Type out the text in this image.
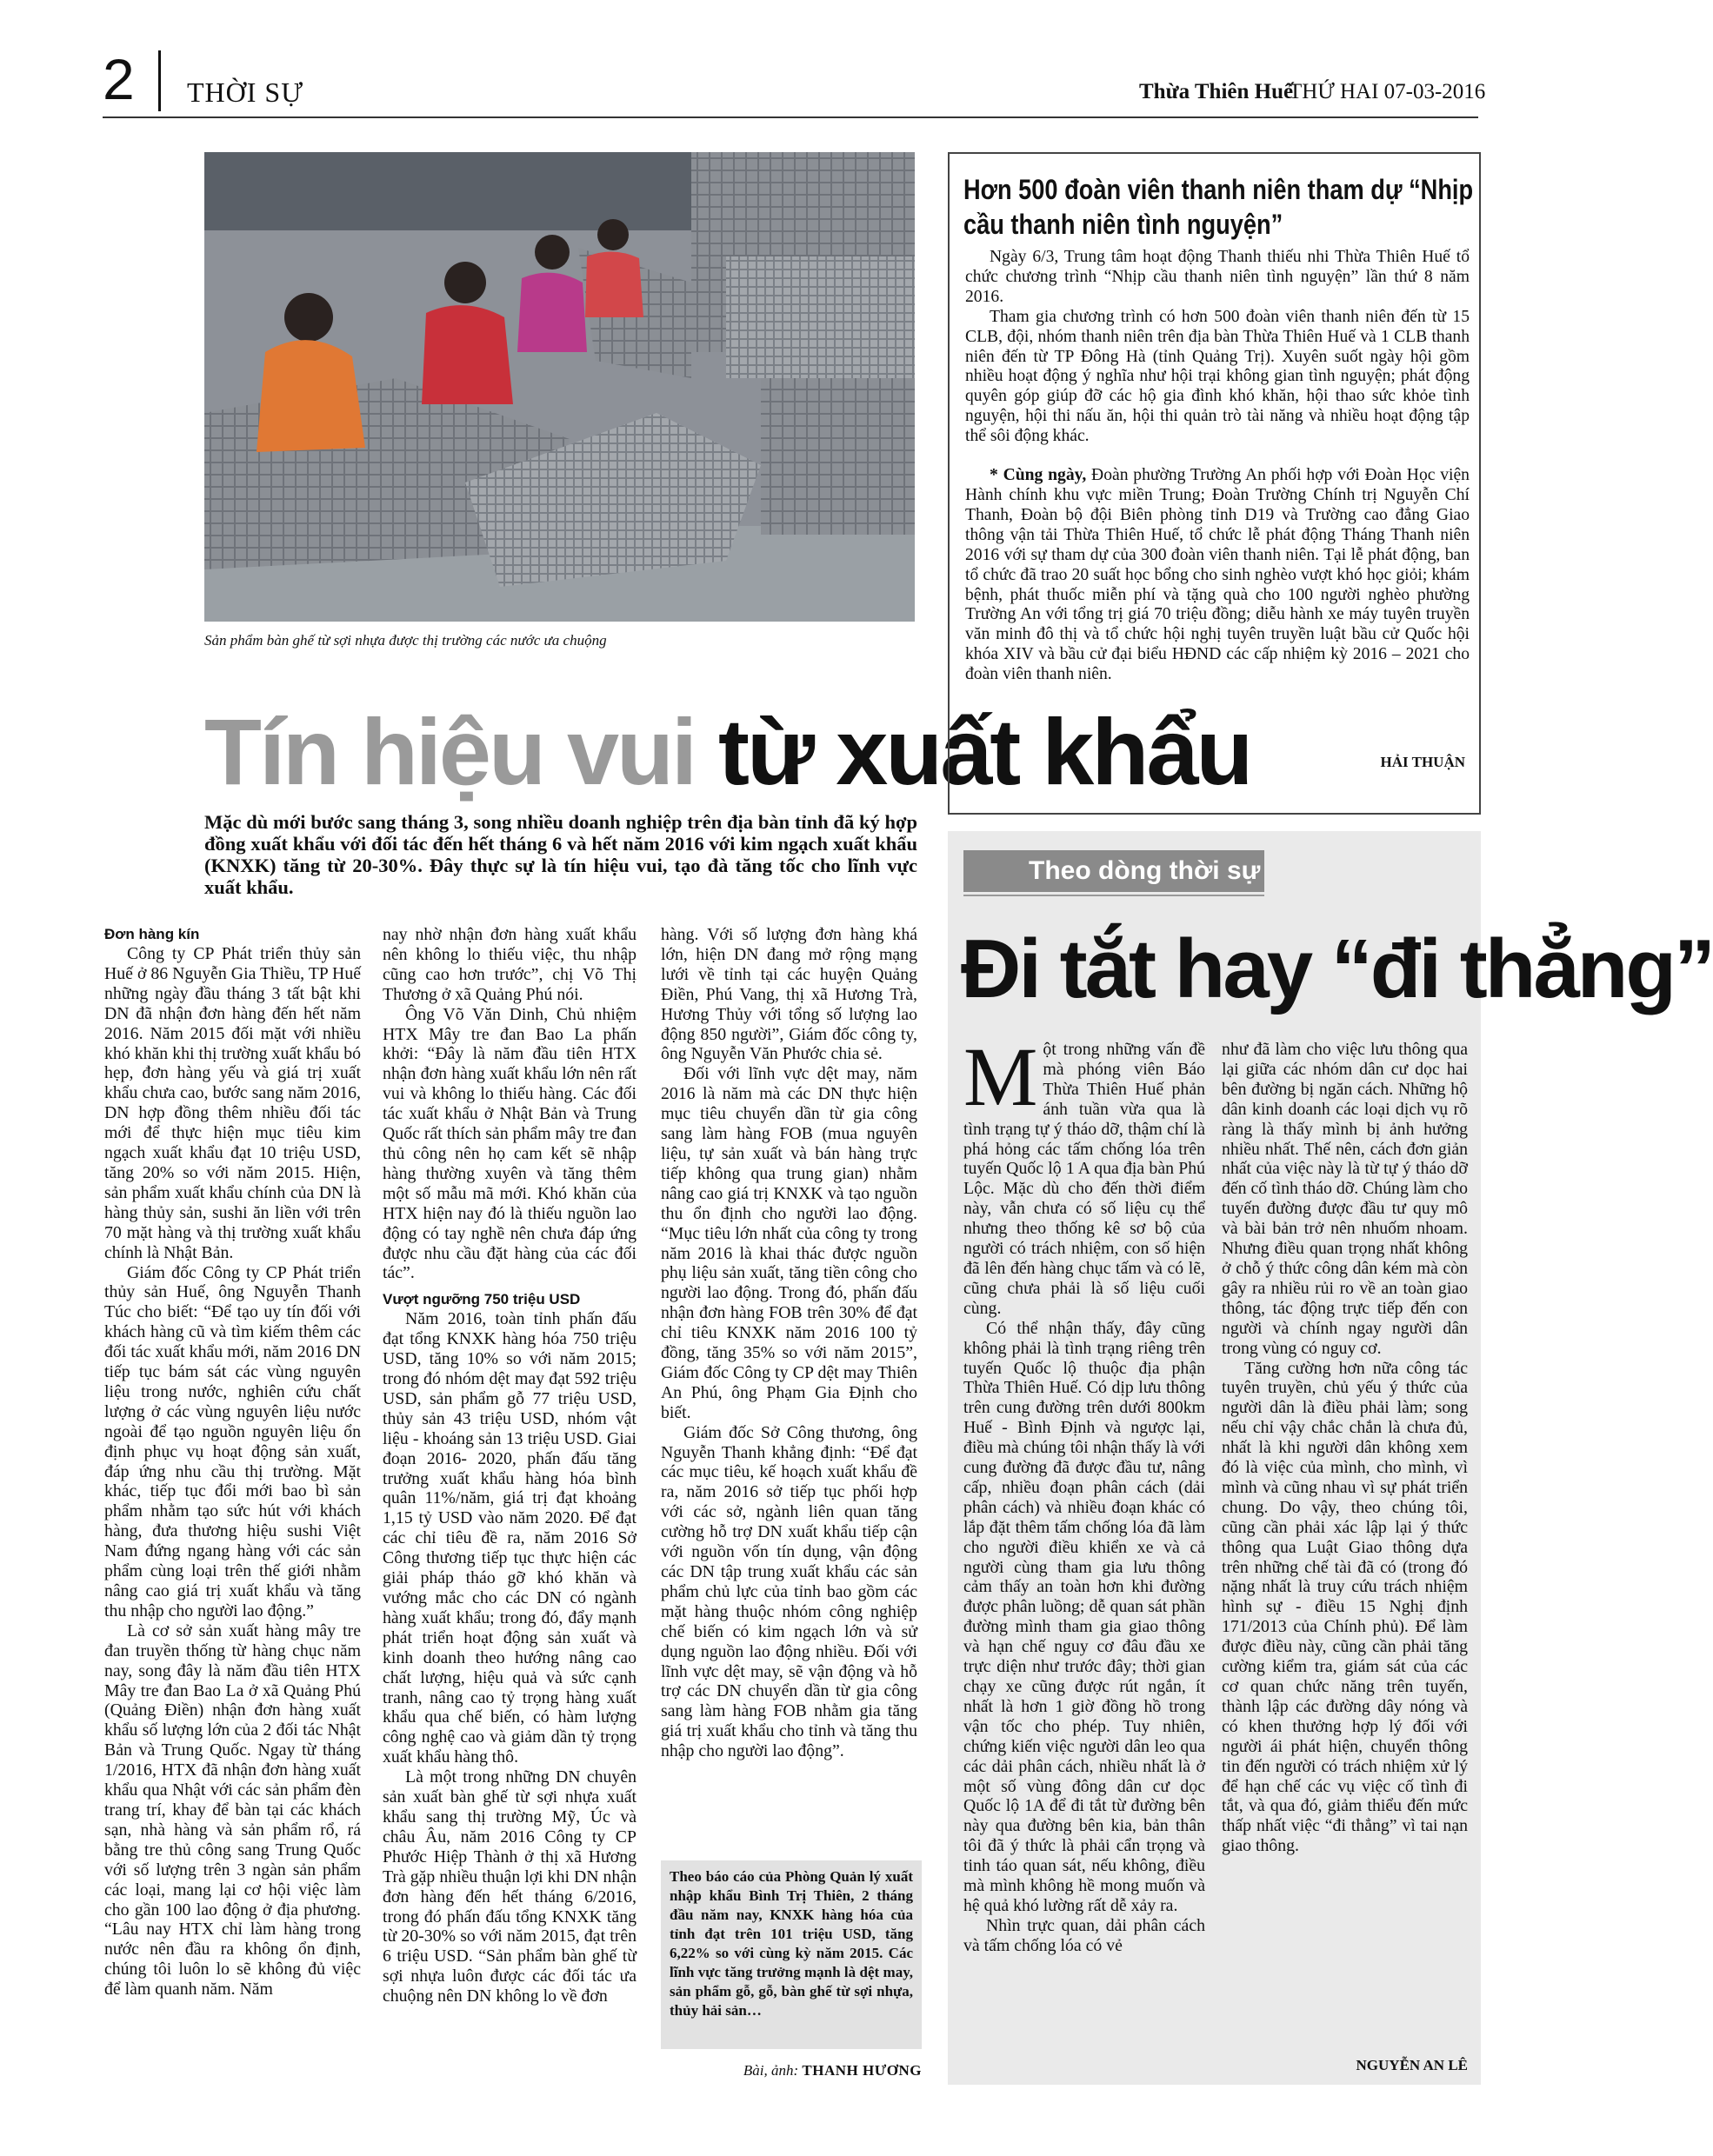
2 THỜI SỰ	Thừa Thiên Huế
THỨ HAI 07-03-2016
Sản phẩm bàn ghế từ sợi nhựa được thị trường các nước ưa chuộng
Tín hiệu vui từ xuất khẩu
Mặc dù mới bước sang tháng 3, song nhiều doanh nghiệp trên địa bàn tỉnh đã ký hợp đồng xuất khẩu với đối tác đến hết tháng 6 và hết năm 2016 với kim ngạch xuất khẩu (KNXK) tăng từ 20-30%. Đây thực sự là tín hiệu vui, tạo đà tăng tốc cho lĩnh vực xuất khẩu.

Đơn hàng kín

Công ty CP Phát triển thủy sản Huế ở 86 Nguyễn Gia Thiều, TP Huế những ngày đầu tháng 3 tất bật khi DN đã nhận đơn hàng đến hết năm 2016. Năm 2015 đối mặt với nhiều khó khăn khi thị trường xuất khẩu bó hẹp, đơn hàng yếu và giá trị xuất khẩu chưa cao, bước sang năm 2016, DN hợp đồng thêm nhiều đối tác mới để thực hiện mục tiêu kim ngạch xuất khẩu đạt 10 triệu USD, tăng 20% so với năm 2015. Hiện, sản phẩm xuất khẩu chính của DN là hàng thủy sản, sushi ăn liền với trên 70 mặt hàng và thị trường xuất khẩu chính là Nhật Bản.

Giám đốc Công ty CP Phát triển thủy sản Huế, ông Nguyễn Thanh Túc cho biết: “Để tạo uy tín đối với khách hàng cũ và tìm kiếm thêm các đối tác xuất khẩu mới, năm 2016 DN tiếp tục bám sát các vùng nguyên liệu trong nước, nghiên cứu chất lượng ở các vùng nguyên liệu nước ngoài để tạo nguồn nguyên liệu ổn định phục vụ hoạt động sản xuất, đáp ứng nhu cầu thị trường. Mặt khác, tiếp tục đổi mới bao bì sản phẩm nhằm tạo sức hút với khách hàng, đưa thương hiệu sushi Việt Nam đứng ngang hàng với các sản phẩm cùng loại trên thế giới nhằm nâng cao giá trị xuất khẩu và tăng thu nhập cho người lao động.”

Là cơ sở sản xuất hàng mây tre đan truyền thống từ hàng chục năm nay, song đây là năm đầu tiên HTX Mây tre đan Bao La ở xã Quảng Phú (Quảng Điền) nhận đơn hàng xuất khẩu số lượng lớn của 2 đối tác Nhật Bản và Trung Quốc. Ngay từ tháng 1/2016, HTX đã nhận đơn hàng xuất khẩu qua Nhật với các sản phẩm đèn trang trí, khay để bàn tại các khách sạn, nhà hàng và sản phẩm rổ, rá bằng tre thủ công sang Trung Quốc với số lượng trên 3 ngàn sản phẩm các loại, mang lại cơ hội việc làm cho gần 100 lao động ở địa phương. “Lâu nay HTX chỉ làm hàng trong nước nên đầu ra không ổn định, chúng tôi luôn lo sẽ không đủ việc để làm quanh năm. Năm

nay nhờ nhận đơn hàng xuất khẩu nên không lo thiếu việc, thu nhập cũng cao hơn trước”, chị Võ Thị Thương ở xã Quảng Phú nói.

Ông Võ Văn Dinh, Chủ nhiệm HTX Mây tre đan Bao La phấn khởi: “Đây là năm đầu tiên HTX nhận đơn hàng xuất khẩu lớn nên rất vui và không lo thiếu hàng. Các đối tác xuất khẩu ở Nhật Bản và Trung Quốc rất thích sản phẩm mây tre đan thủ công nên họ cam kết sẽ nhập hàng thường xuyên và tăng thêm một số mẫu mã mới. Khó khăn của HTX hiện nay đó là thiếu nguồn lao động có tay nghề nên chưa đáp ứng được nhu cầu đặt hàng của các đối tác”.

Vượt ngưỡng 750 triệu USD

Năm 2016, toàn tỉnh phấn đấu đạt tổng KNXK hàng hóa 750 triệu USD, tăng 10% so với năm 2015; trong đó nhóm dệt may đạt 592 triệu USD, sản phẩm gỗ 77 triệu USD, thủy sản 43 triệu USD, nhóm vật liệu - khoáng sản 13 triệu USD. Giai đoạn 2016- 2020, phấn đấu tăng trưởng xuất khẩu hàng hóa bình quân 11%/năm, giá trị đạt khoảng 1,15 tỷ USD vào năm 2020. Để đạt các chỉ tiêu đề ra, năm 2016 Sở Công thương tiếp tục thực hiện các giải pháp tháo gỡ khó khăn và vướng mắc cho các DN có ngành hàng xuất khẩu; trong đó, đẩy mạnh phát triển hoạt động sản xuất và kinh doanh theo hướng nâng cao chất lượng, hiệu quả và sức cạnh tranh, nâng cao tỷ trọng hàng xuất khẩu qua chế biến, có hàm lượng công nghệ cao và giảm dần tỷ trọng xuất khẩu hàng thô.

Là một trong những DN chuyên sản xuất bàn ghế từ sợi nhựa xuất khẩu sang thị trường Mỹ, Úc và châu Âu, năm 2016 Công ty CP Phước Hiệp Thành ở thị xã Hương Trà gặp nhiều thuận lợi khi DN nhận đơn hàng đến hết tháng 6/2016, trong đó phấn đấu tổng KNXK tăng từ 20-30% so với năm 2015, đạt trên 6 triệu USD. “Sản phẩm bàn ghế từ sợi nhựa luôn được các đối tác ưa chuộng nên DN không lo về đơn

hàng. Với số lượng đơn hàng khá lớn, hiện DN đang mở rộng mạng lưới về tỉnh tại các huyện Quảng Điền, Phú Vang, thị xã Hương Trà, Hương Thủy với tổng số lượng lao động 850 người”, Giám đốc công ty, ông Nguyễn Văn Phước chia sẻ.

Đối với lĩnh vực dệt may, năm 2016 là năm mà các DN thực hiện mục tiêu chuyển dần từ gia công sang làm hàng FOB (mua nguyên liệu, tự sản xuất và bán hàng trực tiếp không qua trung gian) nhằm nâng cao giá trị KNXK và tạo nguồn thu ổn định cho người lao động. “Mục tiêu lớn nhất của công ty trong năm 2016 là khai thác được nguồn phụ liệu sản xuất, tăng tiền công cho người lao động. Trong đó, phấn đấu nhận đơn hàng FOB trên 30% để đạt chỉ tiêu KNXK năm 2016 100 tỷ đồng, tăng 35% so với năm 2015”, Giám đốc Công ty CP dệt may Thiên An Phú, ông Phạm Gia Định cho biết.

Giám đốc Sở Công thương, ông Nguyễn Thanh khẳng định: “Để đạt các mục tiêu, kế hoạch xuất khẩu đề ra, năm 2016 sở tiếp tục phối hợp với các sở, ngành liên quan tăng cường hỗ trợ DN xuất khẩu tiếp cận với nguồn vốn tín dụng, vận động các DN tập trung xuất khẩu các sản phẩm chủ lực của tỉnh bao gồm các mặt hàng thuộc nhóm công nghiệp chế biến có kim ngạch lớn và sử dụng nguồn lao động nhiều. Đối với lĩnh vực dệt may, sẽ vận động và hỗ trợ các DN chuyển dần từ gia công sang làm hàng FOB nhằm gia tăng giá trị xuất khẩu cho tỉnh và tăng thu nhập cho người lao động”.

Theo báo cáo của Phòng Quản lý xuất nhập khẩu Bình Trị Thiên, 2 tháng đầu năm nay, KNXK hàng hóa của tỉnh đạt trên 101 triệu USD, tăng 6,22% so với cùng kỳ năm 2015. Các lĩnh vực tăng trưởng mạnh là dệt may, sản phẩm gỗ, gỗ, bàn ghế từ sợi nhựa, thủy hải sản…
Bài, ảnh: THANH HƯƠNG
Hơn 500 đoàn viên thanh niên tham dự “Nhịp cầu thanh niên tình nguyện”

Ngày 6/3, Trung tâm hoạt động Thanh thiếu nhi Thừa Thiên Huế tổ chức chương trình “Nhịp cầu thanh niên tình nguyện” lần thứ 8 năm 2016.

Tham gia chương trình có hơn 500 đoàn viên thanh niên đến từ 15 CLB, đội, nhóm thanh niên trên địa bàn Thừa Thiên Huế và 1 CLB thanh niên đến từ TP Đông Hà (tỉnh Quảng Trị). Xuyên suốt ngày hội gồm nhiều hoạt động ý nghĩa như hội trại không gian tình nguyện; phát động quyên góp giúp đỡ các hộ gia đình khó khăn, hội thao sức khỏe tình nguyện, hội thi nấu ăn, hội thi quản trò tài năng và nhiều hoạt động tập thể sôi động khác.

* Cùng ngày, Đoàn phường Trường An phối hợp với Đoàn Học viện Hành chính khu vực miền Trung; Đoàn Trường Chính trị Nguyễn Chí Thanh, Đoàn bộ đội Biên phòng tỉnh D19 và Trường cao đẳng Giao thông vận tải Thừa Thiên Huế, tổ chức lễ phát động Tháng Thanh niên 2016 với sự tham dự của 300 đoàn viên thanh niên. Tại lễ phát động, ban tổ chức đã trao 20 suất học bổng cho sinh nghèo vượt khó học giỏi; khám bệnh, phát thuốc miễn phí và tặng quà cho 100 người nghèo phường Trường An với tổng trị giá 70 triệu đồng; diễu hành xe máy tuyên truyền văn minh đô thị và tổ chức hội nghị tuyên truyền luật bầu cử Quốc hội khóa XIV và bầu cử đại biểu HĐND các cấp nhiệm kỳ 2016 – 2021 cho đoàn viên thanh niên.

HẢI THUẬN
Theo dòng thời sự
Đi tắt hay “đi thẳng”

Một trong những vấn đề mà phóng viên Báo Thừa Thiên Huế phản ánh tuần vừa qua là tình trạng tự ý tháo dỡ, thậm chí là phá hỏng các tấm chống lóa trên tuyến Quốc lộ 1 A qua địa bàn Phú Lộc. Mặc dù cho đến thời điểm này, vẫn chưa có số liệu cụ thể nhưng theo thống kê sơ bộ của người có trách nhiệm, con số hiện đã lên đến hàng chục tấm và có lẽ, cũng chưa phải là số liệu cuối cùng.

Có thể nhận thấy, đây cũng không phải là tình trạng riêng trên tuyến Quốc lộ thuộc địa phận Thừa Thiên Huế. Có dịp lưu thông trên cung đường trên dưới 800km Huế - Bình Định và ngược lại, điều mà chúng tôi nhận thấy là với cung đường đã được đầu tư, nâng cấp, nhiều đoạn phân cách (dải phân cách) và nhiều đoạn khác có lắp đặt thêm tấm chống lóa đã làm cho người điều khiển xe và cả người cùng tham gia lưu thông cảm thấy an toàn hơn khi đường được phân luồng; dễ quan sát phần đường mình tham gia giao thông và hạn chế nguy cơ đâu đầu xe trực diện như trước đây; thời gian chạy xe cũng được rút ngắn, ít nhất là hơn 1 giờ đồng hồ trong vận tốc cho phép. Tuy nhiên, chứng kiến việc người dân leo qua các dải phân cách, nhiều nhất là ở một số vùng đông dân cư dọc Quốc lộ 1A để đi tắt từ đường bên này qua đường bên kia, bản thân tôi đã ý thức là phải cẩn trọng và tinh táo quan sát, nếu không, điều mà mình không hề mong muốn và hệ quả khó lường rất dễ xảy ra.

Nhìn trực quan, dải phân cách và tấm chống lóa có vẻ

như đã làm cho việc lưu thông qua lại giữa các nhóm dân cư dọc hai bên đường bị ngăn cách. Những hộ dân kinh doanh các loại dịch vụ rõ ràng là thấy mình bị ảnh hưởng nhiều nhất. Thế nên, cách đơn giản nhất của việc này là từ tự ý tháo dỡ đến cố tình tháo dỡ. Chúng làm cho tuyến đường được đầu tư quy mô và bài bản trở nên nhuốm nhoam. Nhưng điều quan trọng nhất không ở chỗ ý thức công dân kém mà còn gây ra nhiều rủi ro về an toàn giao thông, tác động trực tiếp đến con người và chính ngay người dân trong vùng có nguy cơ.

Tăng cường hơn nữa công tác tuyên truyền, chủ yếu ý thức của người dân là điều phải làm; song nếu chỉ vậy chắc chắn là chưa đủ, nhất là khi người dân không xem đó là việc của mình, cho mình, vì mình và cũng nhau vì sự phát triển chung. Do vậy, theo chúng tôi, cũng cần phải xác lập lại ý thức thông qua Luật Giao thông dựa trên những chế tài đã có (trong đó nặng nhất là truy cứu trách nhiệm hình sự - điều 15 Nghị định 171/2013 của Chính phủ). Để làm được điều này, cũng cần phải tăng cường kiểm tra, giám sát của các cơ quan chức năng trên tuyến, thành lập các đường dây nóng và có khen thưởng hợp lý đối với người ái phát hiện, chuyển thông tin đến người có trách nhiệm xử lý để hạn chế các vụ việc cố tình đi tắt, và qua đó, giảm thiểu đến mức thấp nhất việc “đi thẳng” vì tai nạn giao thông.

NGUYỄN AN LÊ
